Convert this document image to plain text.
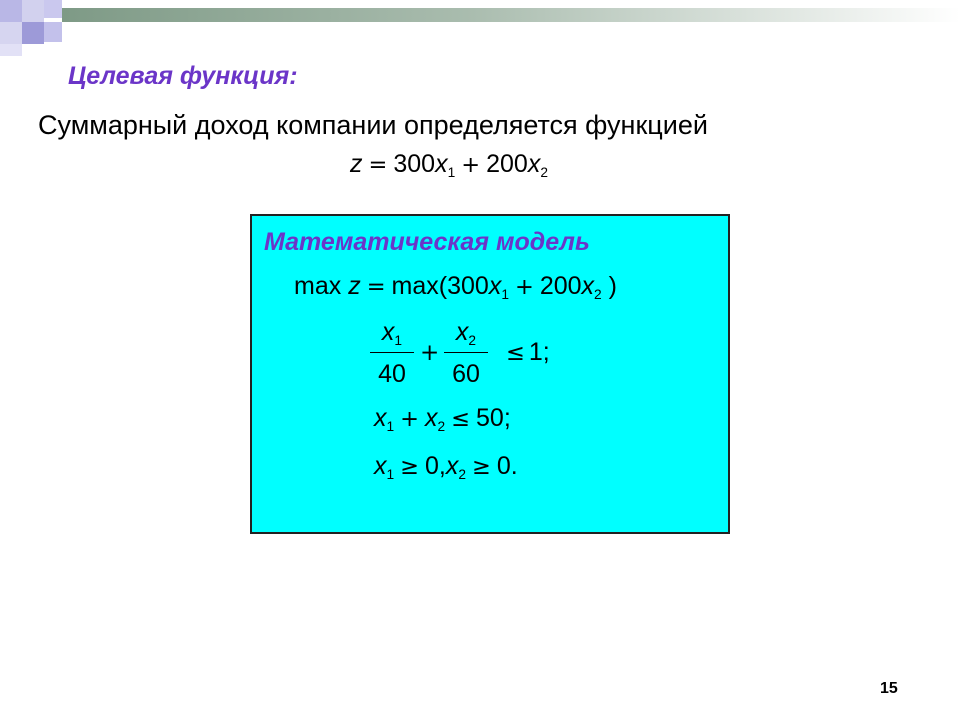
Целевая функция:
Суммарный доход компании определяется функцией
$z = 300x_1 + 200x_2$
Математическая модель
$\max z = \max(300x_1 + 200x_2$ )
$x_1$
40
+
$x_2$
60
≤ 1;
$x_1 + x_2 \le 50$;
$x_1 \ge 0,x_2 \ge 0$.
15
